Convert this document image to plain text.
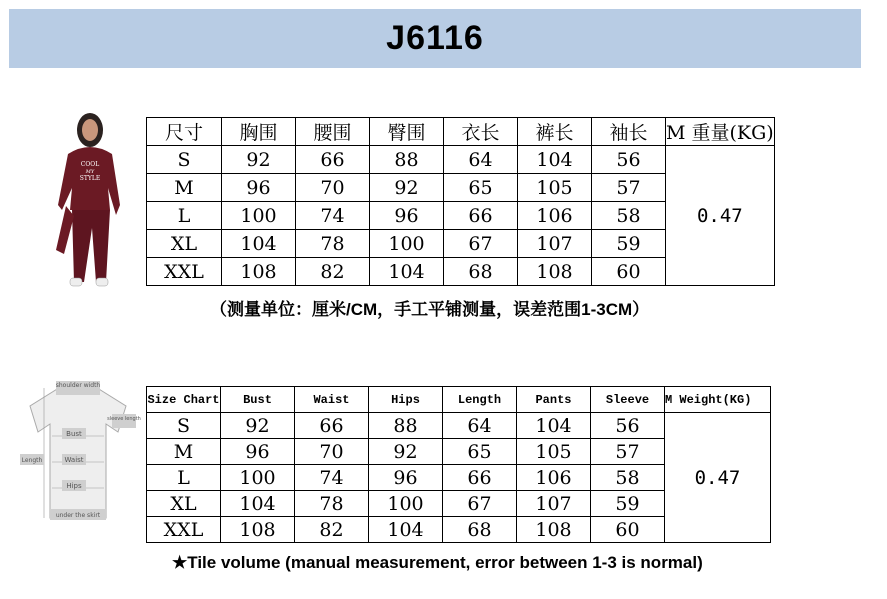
J6116
COOL
MY
STYLE
尺寸	胸围	腰围	臀围	衣长	裤长	袖长	M 重量(KG)
S	92	66	88	64	104	56	0.47
M	96	70	92	65	105	57	
L	100	74	96	66	106	58	
XL	104	78	100	67	107	59	
XXL	108	82	104	68	108	60	
（测量单位：厘米/CM，手工平铺测量，误差范围1-3CM）
shoulder width
sleeve length
Bust
Length	Waist
Hips
under the skirt
Size Chart	Bust	Waist	Hips	Length	Pants	Sleeve	M Weight(KG)
S	92	66	88	64	104	56	0.47
M	96	70	92	65	105	57	
L	100	74	96	66	106	58	
XL	104	78	100	67	107	59	
XXL	108	82	104	68	108	60	
★Tile volume (manual measurement, error between 1-3 is normal)
